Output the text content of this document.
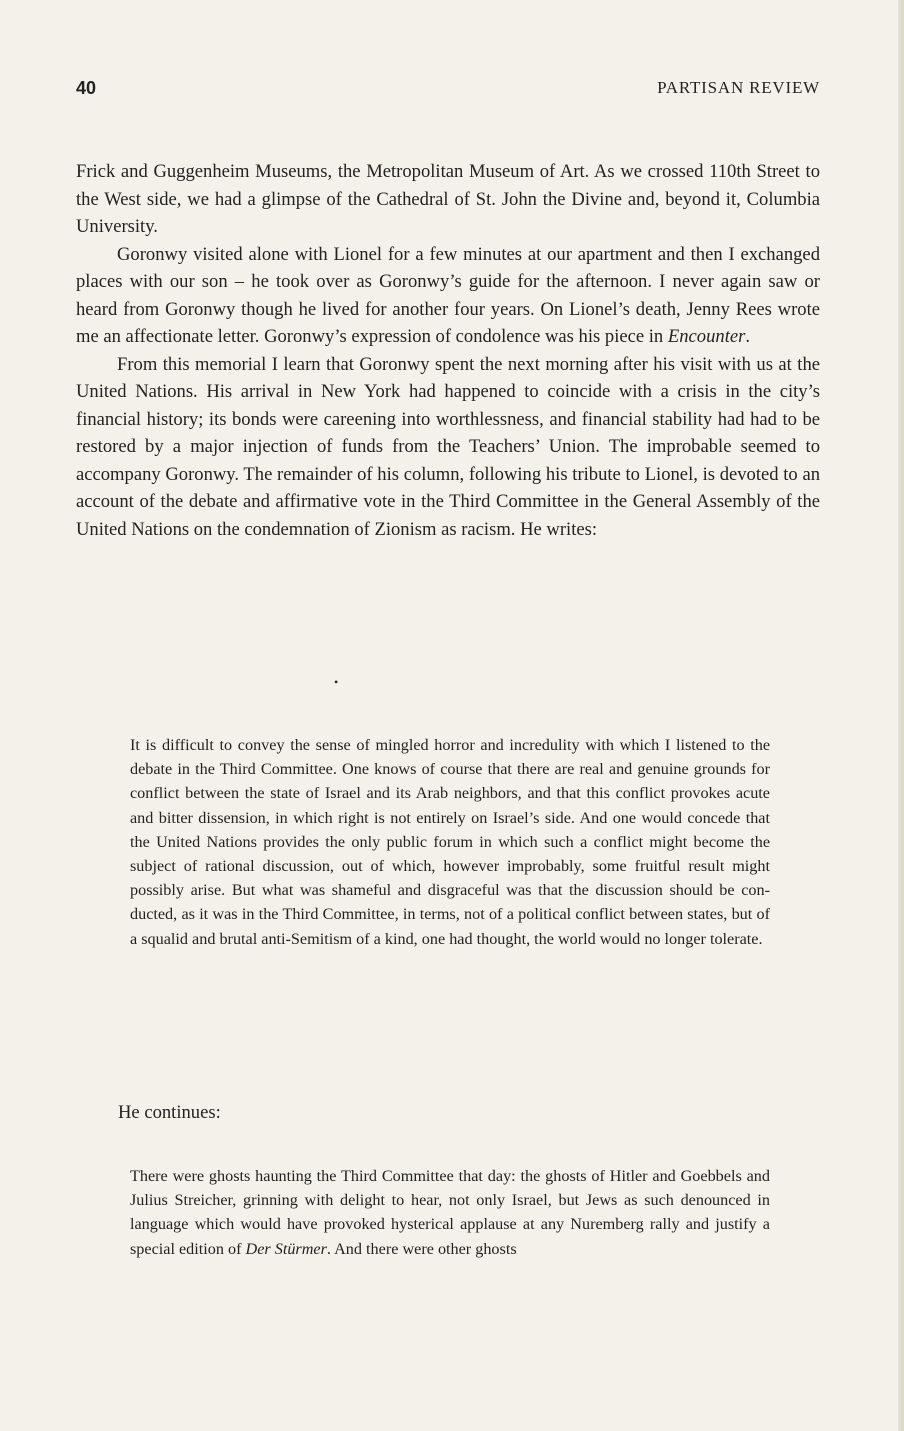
40	PARTISAN REVIEW

Frick and Guggenheim Museums, the Metropolitan Museum of Art. As we crossed 110th Street to the West side, we had a glimpse of the Cathedral of St. John the Divine and, beyond it, Columbia University.

Goronwy visited alone with Lionel for a few minutes at our apartment and then I exchanged places with our son – he took over as Goronwy’s guide for the afternoon. I never again saw or heard from Goronwy though he lived for another four years. On Lionel’s death, Jenny Rees wrote me an affectionate letter. Goronwy’s expression of condolence was his piece in Encounter.

From this memorial I learn that Goronwy spent the next morning after his visit with us at the United Nations. His arrival in New York had happened to coincide with a crisis in the city’s financial history; its bonds were careening into worthlessness, and financial stability had had to be restored by a major injection of funds from the Teachers’ Union. The improbable seemed to accompany Goronwy. The remainder of his column, following his tribute to Lionel, is devoted to an account of the debate and affirmative vote in the Third Committee in the General Assembly of the United Nations on the condemnation of Zionism as racism. He writes:

•

It is difficult to convey the sense of mingled horror and incredulity with which I listened to the debate in the Third Committee. One knows of course that there are real and genuine grounds for conflict between the state of Israel and its Arab neighbors, and that this conflict provokes acute and bitter dissension, in which right is not entirely on Israel’s side. And one would concede that the United Nations provides the only public forum in which such a conflict might become the subject of rational discussion, out of which, however improbably, some fruitful result might possibly arise. But what was shameful and disgraceful was that the discussion should be conducted, as it was in the Third Committee, in terms, not of a political conflict between states, but of a squalid and brutal anti-Semitism of a kind, one had thought, the world would no longer tolerate.

He continues:

There were ghosts haunting the Third Committee that day: the ghosts of Hitler and Goebbels and Julius Streicher, grinning with delight to hear, not only Israel, but Jews as such denounced in language which would have provoked hysterical applause at any Nuremberg rally and justify a special edition of Der Stürmer. And there were other ghosts
